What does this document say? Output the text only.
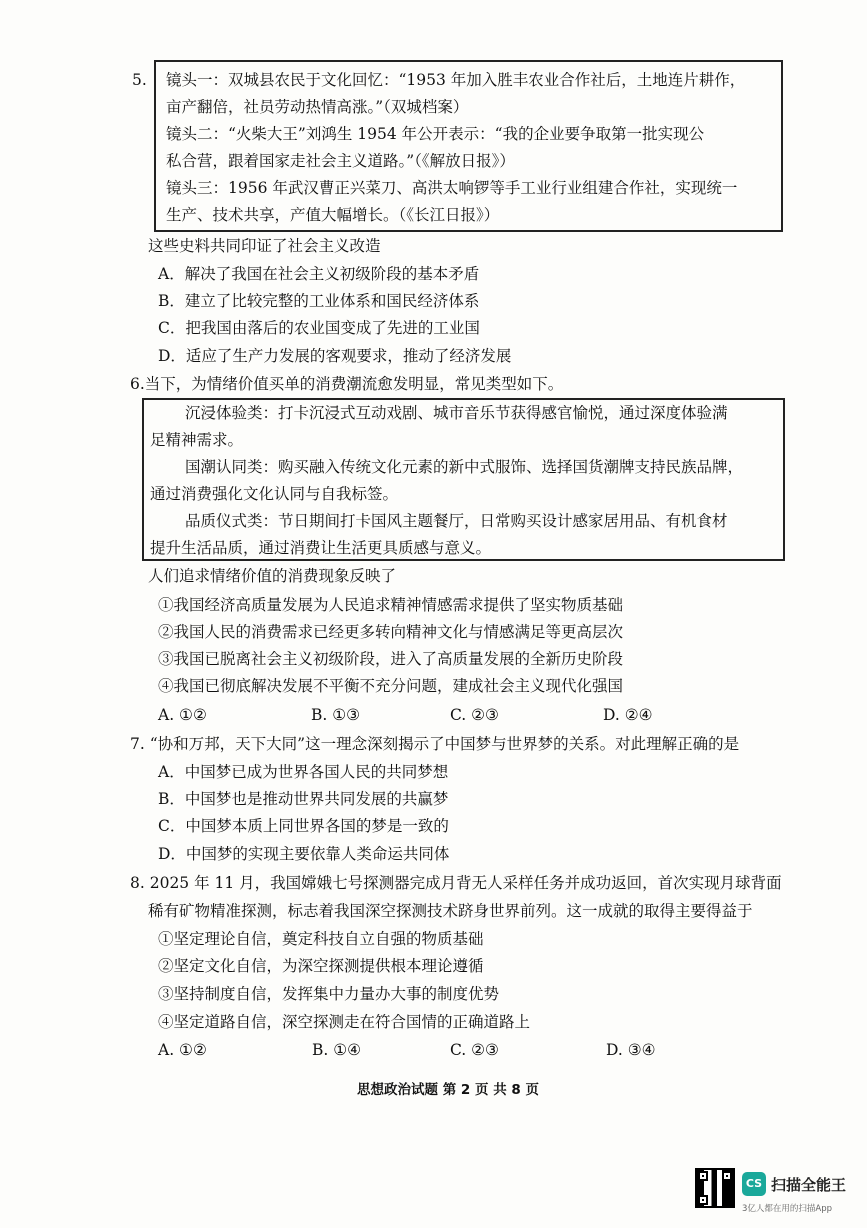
5. 镜头一：双城县农民于文化回忆：“1953 年加入胜丰农业合作社后，土地连片耕作，
亩产翻倍，社员劳动热情高涨。”（双城档案）
镜头二：“火柴大王”刘鸿生 1954 年公开表示：“我的企业要争取第一批实现公
私合营，跟着国家走社会主义道路。”（《解放日报》）
镜头三：1956 年武汉曹正兴菜刀、高洪太响锣等手工业行业组建合作社，实现统一
生产、技术共享，产值大幅增长。（《长江日报》）
这些史料共同印证了社会主义改造
A．解决了我国在社会主义初级阶段的基本矛盾
B．建立了比较完整的工业体系和国民经济体系
C．把我国由落后的农业国变成了先进的工业国
D．适应了生产力发展的客观要求，推动了经济发展
6.当下，为情绪价值买单的消费潮流愈发明显，常见类型如下。
沉浸体验类：打卡沉浸式互动戏剧、城市音乐节获得感官愉悦，通过深度体验满
足精神需求。
国潮认同类：购买融入传统文化元素的新中式服饰、选择国货潮牌支持民族品牌，
通过消费强化文化认同与自我标签。
品质仪式类：节日期间打卡国风主题餐厅，日常购买设计感家居用品、有机食材
提升生活品质，通过消费让生活更具质感与意义。
人们追求情绪价值的消费现象反映了
①我国经济高质量发展为人民追求精神情感需求提供了坚实物质基础
②我国人民的消费需求已经更多转向精神文化与情感满足等更高层次
③我国已脱离社会主义初级阶段，进入了高质量发展的全新历史阶段
④我国已彻底解决发展不平衡不充分问题，建成社会主义现代化强国
A. ①②	B. ①③	C. ②③	D. ②④
7. “协和万邦，天下大同”这一理念深刻揭示了中国梦与世界梦的关系。对此理解正确的是
A．中国梦已成为世界各国人民的共同梦想
B．中国梦也是推动世界共同发展的共赢梦
C．中国梦本质上同世界各国的梦是一致的
D．中国梦的实现主要依靠人类命运共同体
8. 2025 年 11 月，我国嫦娥七号探测器完成月背无人采样任务并成功返回，首次实现月球背面
稀有矿物精准探测，标志着我国深空探测技术跻身世界前列。这一成就的取得主要得益于
①坚定理论自信，奠定科技自立自强的物质基础
②坚定文化自信，为深空探测提供根本理论遵循
③坚持制度自信，发挥集中力量办大事的制度优势
④坚定道路自信，深空探测走在符合国情的正确道路上
A. ①②	B. ①④	C. ②③	D. ③④
思想政治试题 第 2 页 共 8 页
CS 扫描全能王
3亿人都在用的扫描App
